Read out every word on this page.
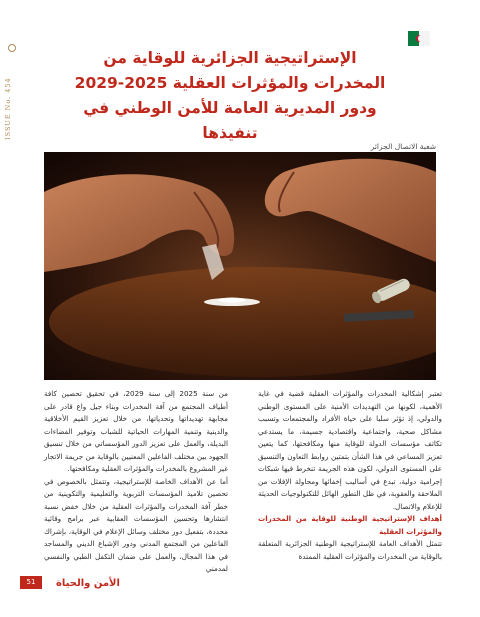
ISSUE No. 454
الإستراتيجية الجزائرية للوقاية من
المخدرات والمؤثرات العقلية 2025-2029
ودور المديرية العامة للأمن الوطني في تنفيذها
شعبة الاتصال الجزائر

تعتبر إشكالية المخدرات والمؤثرات العقلية قضية في غاية الأهمية، لكونها من التهديدات الأمنية على المستوى الوطني والدولي، إذ تؤثر سلبا على حياة الأفراد والمجتمعات وتسبب مشاكل صحية، واجتماعية واقتصادية جسيمة، ما يستدعي تكاثف مؤسسات الدولة للوقاية منها ومكافحتها، كما يتعين تعزيز المساعي في هذا الشأن بتمتين روابط التعاون والتنسيق على المستوى الدولي، لكون هذه الجريمة تنخرط فيها شبكات إجرامية دولية، تبدع في أساليب إخفائها ومحاولة الإفلات من الملاحقة والعقوبة، في ظل التطور الهائل للتكنولوجيات الحديثة للإعلام والاتصال.

أهداف الإستراتيجية الوطنية للوقاية من المخدرات والمؤثرات العقلية

تتمثل الأهداف العامة للإستراتيجية الوطنية الجزائرية المتعلقة بالوقاية من المخدرات والمؤثرات العقلية الممتدة

من سنة 2025 إلى سنة 2029، في تحقيق تحصين كافة أطياف المجتمع من آفة المخدرات وبناء جيل واع قادر على مجابهة تهديداتها وتحدياتها، من خلال تعزيز القيم الأخلاقية والدينية وتنمية المهارات الحياتية للشباب وتوفير الفضاءات البديلة، والعمل على تعزيز الدور المؤسساتي من خلال تنسيق الجهود بين مختلف الفاعلين المعنيين بالوقاية من جريمة الاتجار غير المشروع بالمخدرات والمؤثرات العقلية ومكافحتها.

أما عن الأهداف الخاصة للإستراتيجية، وتتمثل بالخصوص في تحصين تلاميذ المؤسسات التربوية والتعليمية والتكوينية من خطر آفة المخدرات والمؤثرات العقلية من خلال خفض نسبة انتشارها وتحسين المؤسسات العقابية عبر برامج وقائية محددة، بتفعيل دور مختلف وسائل الإعلام في الوقاية، بإشراك الفاعلين من المجتمع المدني ودور الإشباع الديني والمساجد في هذا المجال، والعمل على ضمان التكفل الطبي والنفسي لمدمني

الأمن والحياة
51
